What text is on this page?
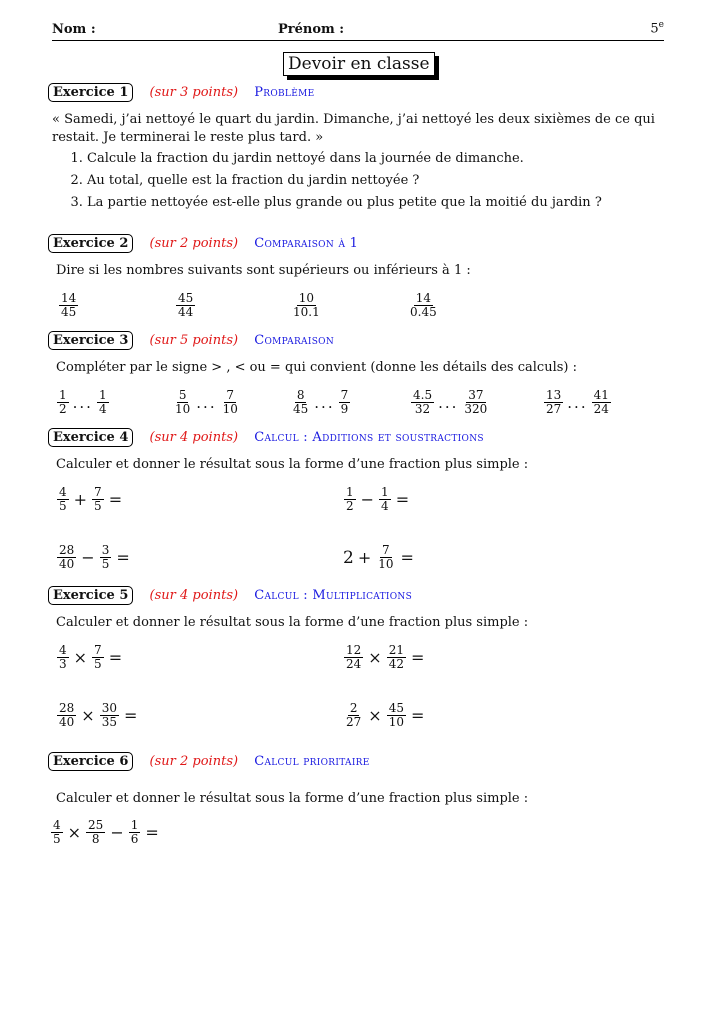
Nom :	Prénom :	5e
Devoir en classe
Exercice 1 (sur 3 points) Problème
« Samedi, j’ai nettoyé le quart du jardin. Dimanche, j’ai nettoyé les deux sixièmes de ce qui restait. Je terminerai le reste plus tard. »
1. Calcule la fraction du jardin nettoyé dans la journée de dimanche.
2. Au total, quelle est la fraction du jardin nettoyée ?
3. La partie nettoyée est-elle plus grande ou plus petite que la moitié du jardin ?
Exercice 2 (sur 2 points) Comparaison à 1
Dire si les nombres suivants sont supérieurs ou inférieurs à 1 :
$\frac{14}{45}$	$\frac{45}{44}$	$\frac{10}{10.1}$	$\frac{14}{0.45}$
Exercice 3 (sur 5 points) Comparaison
Compléter par le signe > , < ou = qui convient (donne les détails des calculs) :
$\frac{1}{2}$ ... $\frac{1}{4}$	$\frac{5}{10}$ ... $\frac{7}{10}$	$\frac{8}{45}$ ... $\frac{7}{9}$	$\frac{4.5}{32}$ ... $\frac{37}{320}$	$\frac{13}{27}$ ... $\frac{41}{24}$
Exercice 4 (sur 4 points) Calcul : Additions et soustractions
Calculer et donner le résultat sous la forme d’une fraction plus simple :
$\frac{4}{5} + \frac{7}{5}$ =	$\frac{1}{2} - \frac{1}{4}$ =
$\frac{28}{40} - \frac{3}{5}$ =	$2 + \frac{7}{10}$ =
Exercice 5 (sur 4 points) Calcul : Multiplications
Calculer et donner le résultat sous la forme d’une fraction plus simple :
$\frac{4}{3} \times \frac{7}{5}$ =	$\frac{12}{24} \times \frac{21}{42}$ =
$\frac{28}{40} \times \frac{30}{35}$ =	$\frac{2}{27} \times \frac{45}{10}$ =
Exercice 6 (sur 2 points) Calcul prioritaire
Calculer et donner le résultat sous la forme d’une fraction plus simple :
$\frac{4}{5} \times \frac{25}{8} - \frac{1}{6}$ =
